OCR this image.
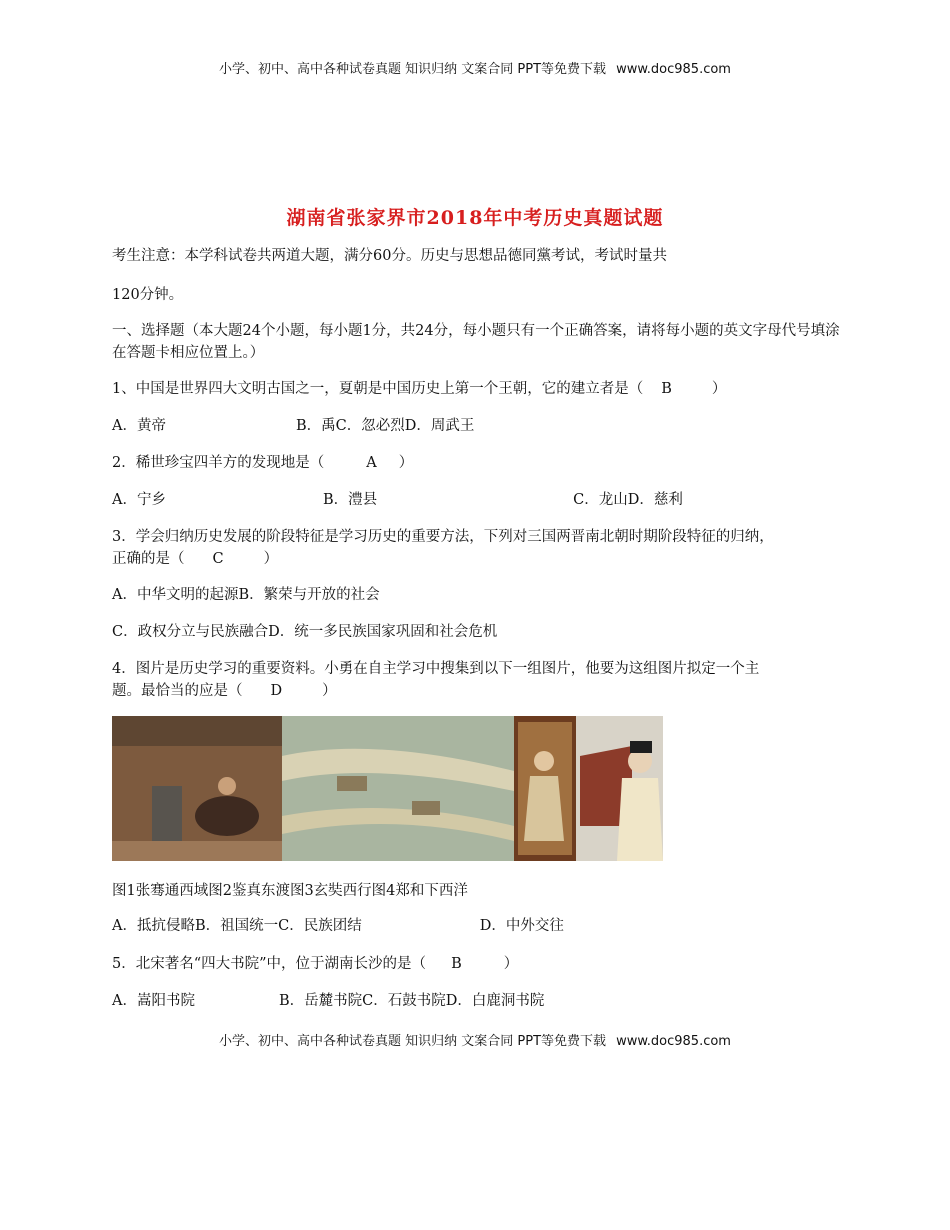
小学、初中、高中各种试卷真题 知识归纳 文案合同 PPT等免费下载 www.doc985.com
湖南省张家界市2018年中考历史真题试题
考生注意：本学科试卷共两道大题，满分60分。历史与思想品德同黨考试，考试时量共
120分钟。
一、选择题（本大题24个小题，每小题1分，共24分，每小题只有一个正确答案，请将每小题的英文字母代号填涂在答题卡相应位置上。）
1、中国是世界四大文明古国之一，夏朝是中国历史上第一个王朝，它的建立者是（ B	）
A．黄帝	B．禹C．忽必烈D．周武王
2．稀世珍宝四羊方的发现地是（	A ）
A．宁乡	B．澧县	C．龙山D．慈利
3．学会归纳历史发展的阶段特征是学习历史的重要方法，下列对三国两晋南北朝时期阶段特征的归纳，
正确的是（ C	）
A．中华文明的起源B．繁荣与开放的社会
C．政权分立与民族融合D．统一多民族国家巩固和社会危机
4．图片是历史学习的重要资料。小勇在自主学习中搜集到以下一组图片，他要为这组图片拟定一个主
题。最恰当的应是（ D	）
图1张骞通西域图2鉴真东渡图3玄奘西行图4郑和下西洋
A．抵抗侵略B．祖国统一C．民族团结	D．中外交往
5．北宋著名“四大书院”中，位于湖南长沙的是（ B	）
A．嵩阳书院	B．岳麓书院C．石鼓书院D．白鹿洞书院
小学、初中、高中各种试卷真题 知识归纳 文案合同 PPT等免费下载 www.doc985.com
